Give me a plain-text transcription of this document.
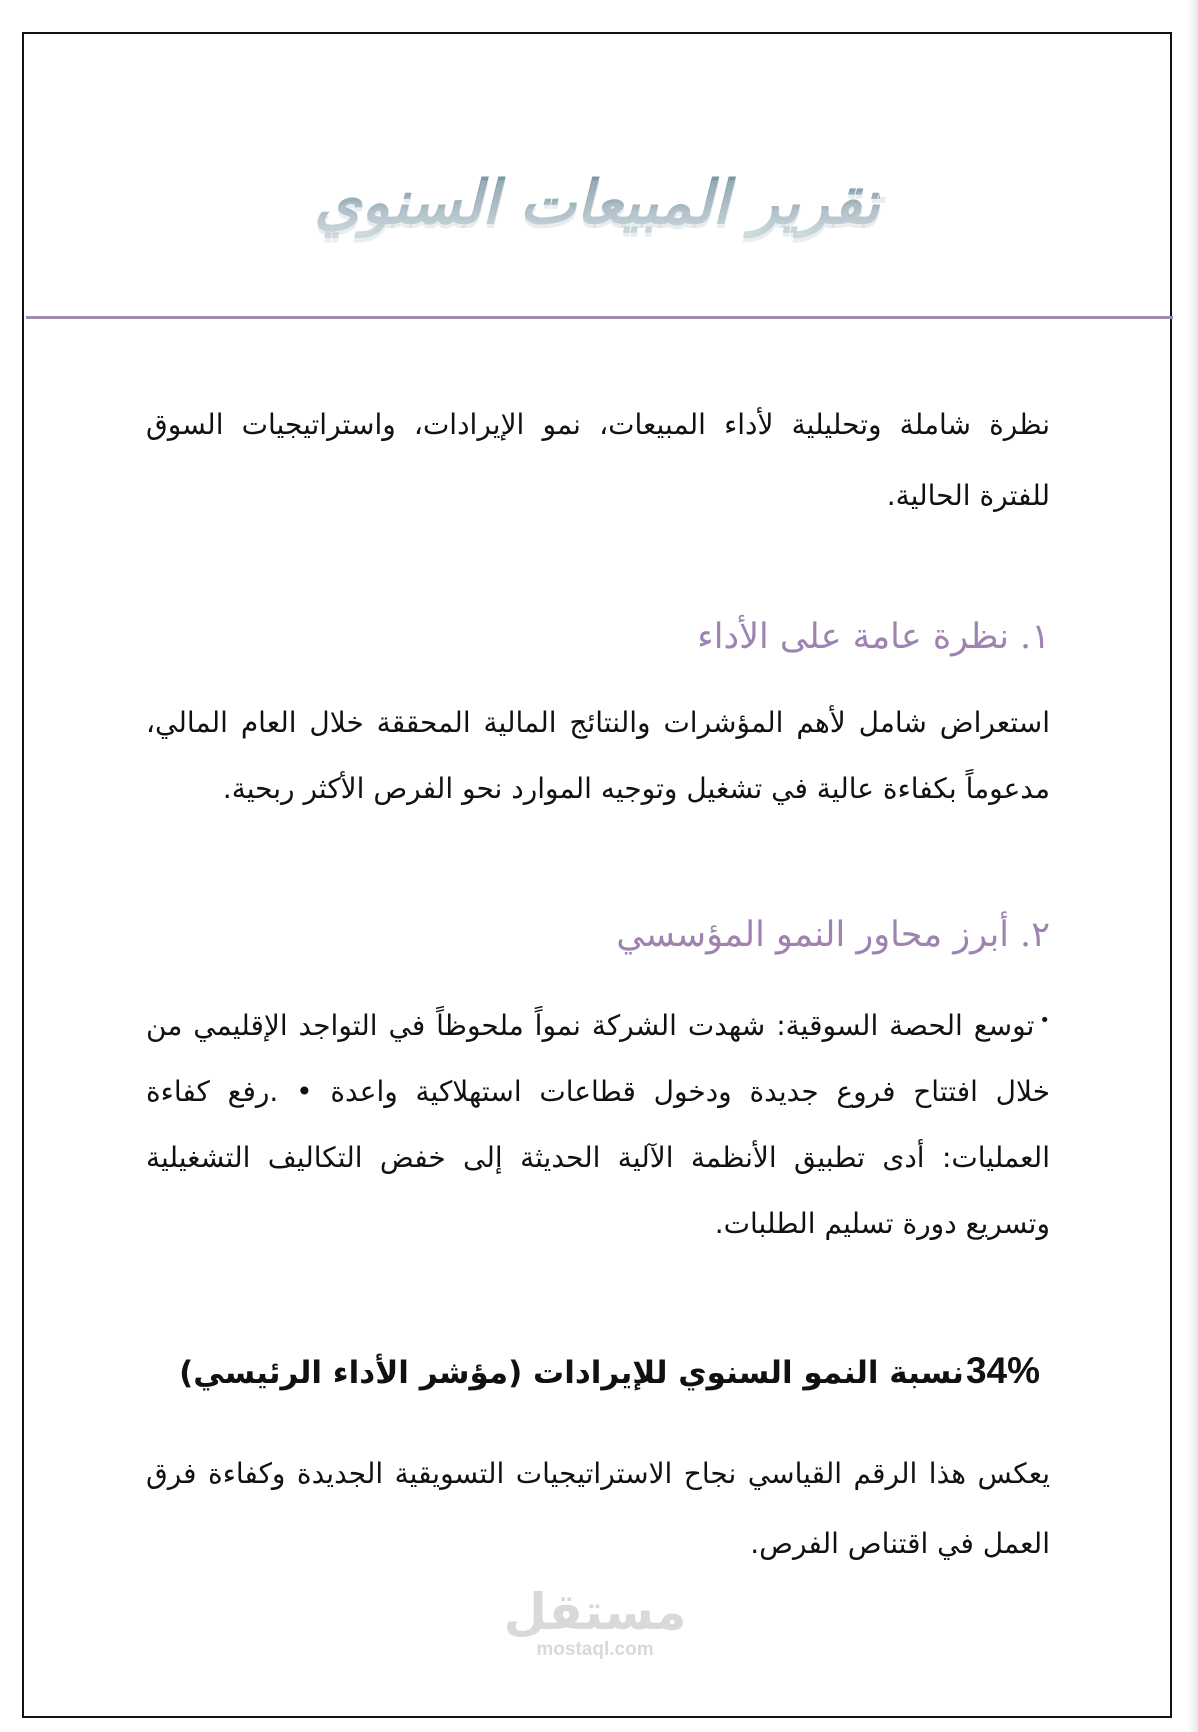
تقرير المبيعات السنوي

نظرة شاملة وتحليلية لأداء المبيعات، نمو الإيرادات، واستراتيجيات السوق للفترة الحالية.

١. نظرة عامة على الأداء

استعراض شامل لأهم المؤشرات والنتائج المالية المحققة خلال العام المالي، مدعوماً بكفاءة عالية في تشغيل وتوجيه الموارد نحو الفرص الأكثر ربحية.

٢. أبرز محاور النمو المؤسسي

•توسع الحصة السوقية: شهدت الشركة نمواً ملحوظاً في التواجد الإقليمي من خلال افتتاح فروع جديدة ودخول قطاعات استهلاكية واعدة • .رفع كفاءة العمليات: أدى تطبيق الأنظمة الآلية الحديثة إلى خفض التكاليف التشغيلية وتسريع دورة تسليم الطلبات.

34%نسبة النمو السنوي للإيرادات (مؤشر الأداء الرئيسي)

يعكس هذا الرقم القياسي نجاح الاستراتيجيات التسويقية الجديدة وكفاءة فرق العمل في اقتناص الفرص.

مستقل
mostaql.com
